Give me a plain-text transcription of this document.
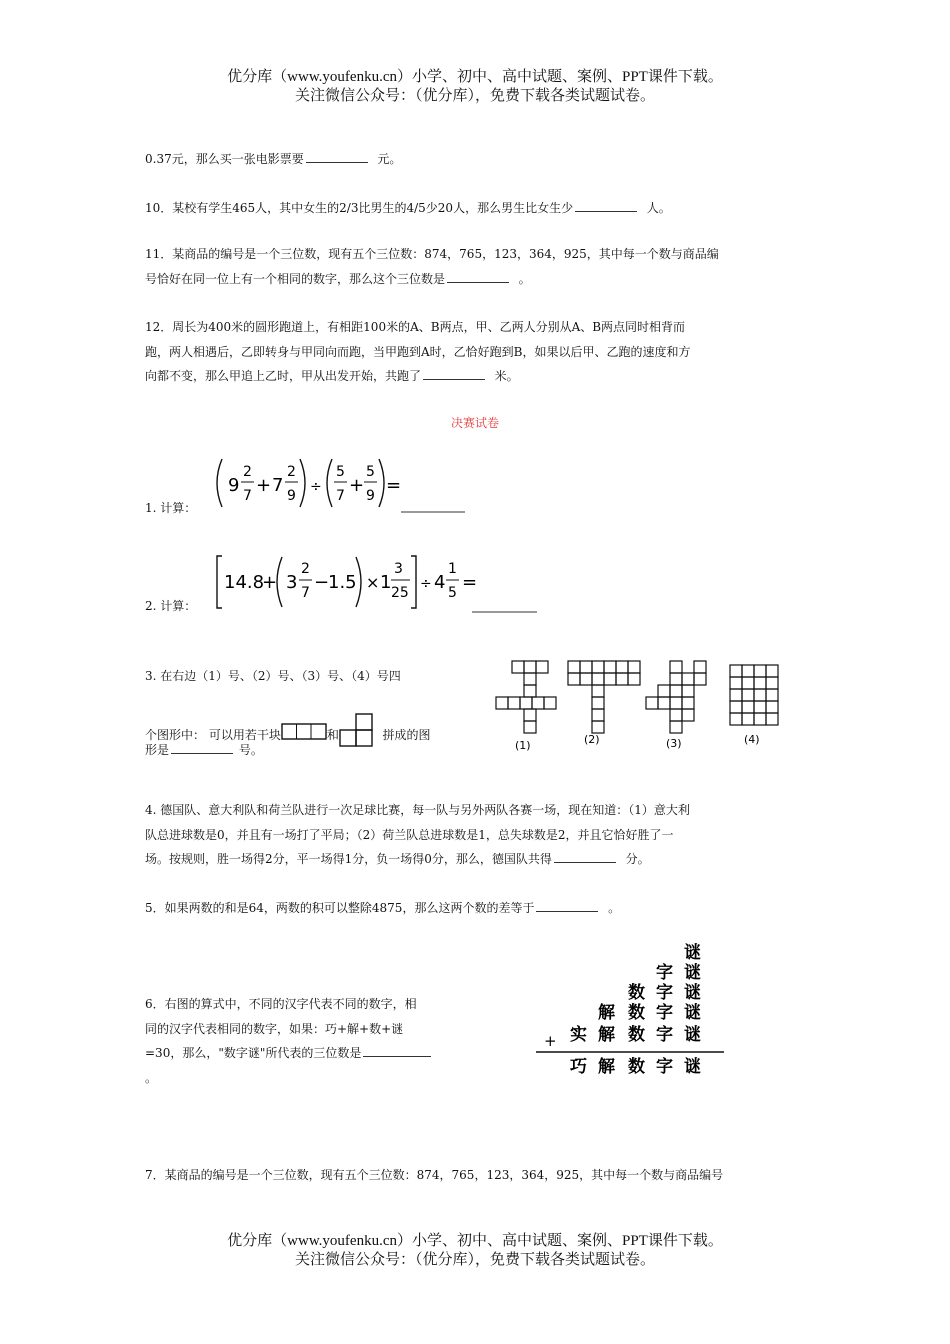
优分库（www.youfenku.cn）小学、初中、高中试题、案例、PPT课件下载。
关注微信公众号：（优分库），免费下载各类试题试卷。
0.37元，那么买一张电影票要	元。
10．某校有学生465人，其中女生的2/3比男生的4/5少20人，那么男生比女生少	人。
11．某商品的编号是一个三位数，现有五个三位数：874，765，123，364，925，其中每一个数与商品编
号恰好在同一位上有一个相同的数字，那么这个三位数是	。
12．周长为400米的圆形跑道上，有相距100米的A、B两点，甲、乙两人分别从A、B两点同时相背而
跑，两人相遇后，乙即转身与甲同向而跑，当甲跑到A时，乙恰好跑到B，如果以后甲、乙跑的速度和方
向都不变，那么甲追上乙时，甲从出发开始，共跑了	米。
决赛试卷
1. 计算：
9
2
7 + 7
2
9
÷
5
7 +
5
9 =
2. 计算：
14.8
+ 3
2
7 −
1.5 × 1
3
25
÷ 4
1
5 =
3. 在右边（1）号、（2）号、（3）号、（4）号四
个图形中： 可以用若干块	和	拼成的图
形是	号。	(1)	(2)	(3)	(4)
4. 德国队、意大利队和荷兰队进行一次足球比赛，每一队与另外两队各赛一场，现在知道：（1）意大利
队总进球数是0，并且有一场打了平局；（2）荷兰队总进球数是1，总失球数是2，并且它恰好胜了一
场。按规则，胜一场得2分，平一场得1分，负一场得0分，那么，德国队共得	分。
5．如果两数的和是64，两数的积可以整除4875，那么这两个数的差等于	。
6．右图的算式中，不同的汉字代表不同的数字，相
同的汉字代表相同的数字，如果：巧+解+数+谜
=30，那么，"数字谜"所代表的三位数是
。
谜
字 谜
数 字 谜
解 数 字 谜
实 解 数 字 谜
+
巧 解 数 字 谜
7．某商品的编号是一个三位数，现有五个三位数：874，765，123，364，925，其中每一个数与商品编号
优分库（www.youfenku.cn）小学、初中、高中试题、案例、PPT课件下载。
关注微信公众号：（优分库），免费下载各类试题试卷。
